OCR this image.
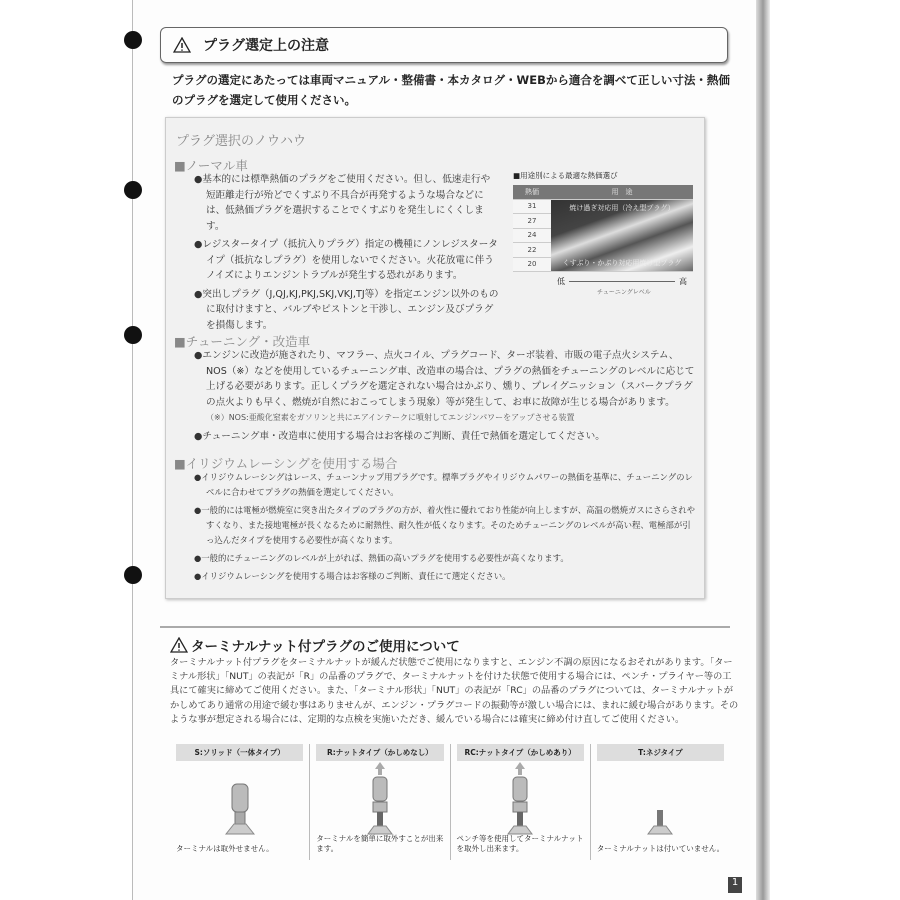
プラグ選定上の注意
プラグの選定にあたっては車両マニュアル・整備書・本カタログ・WEBから適合を調べて正しい寸法・熱価のプラグを選定して使用ください。
プラグ選択のノウハウ
■ノーマル車

●基本的には標準熱価のプラグをご使用ください。但し、低速走行や短距離走行が殆どでくすぶり不具合が再発するような場合などには、低熱価プラグを選択することでくすぶりを発生しにくくします。

●レジスタータイプ（抵抗入りプラグ）指定の機種にノンレジスタータイプ（抵抗なしプラグ）を使用しないでください。火花放電に伴うノイズによりエンジントラブルが発生する恐れがあります。

●突出しプラグ（J,QJ,KJ,PKJ,SKJ,VKJ,TJ等）を指定エンジン以外のものに取付けますと、バルブやピストンと干渉し、エンジン及びプラグを損傷します。

■用途別による最適な熱価選び
熱価	用　途
31	焼け過ぎ対応用（冷え型プラグ）
くすぶり・かぶり対応用焼け型プラグ
27
24
22
20
低	高
チューニングレベル
■チューニング・改造車

●エンジンに改造が施されたり、マフラー、点火コイル、プラグコード、ターボ装着、市販の電子点火システム、NOS（※）などを使用しているチューニング車、改造車の場合は、プラグの熱価をチューニングのレベルに応じて上げる必要があります。正しくプラグを選定されない場合はかぶり、燻り、プレイグニッション（スパークプラグの点火よりも早く、燃焼が自然におこってしまう現象）等が発生して、お車に故障が生じる場合があります。

（※）NOS:亜酸化窒素をガソリンと共にエアインテークに噴射してエンジンパワーをアップさせる装置

●チューニング車・改造車に使用する場合はお客様のご判断、責任で熱価を選定してください。

■イリジウムレーシングを使用する場合

●イリジウムレーシングはレース、チューンナップ用プラグです。標準プラグやイリジウムパワーの熱価を基準に、チューニングのレベルに合わせてプラグの熱価を選定してください。

●一般的には電極が燃焼室に突き出たタイプのプラグの方が、着火性に優れており性能が向上しますが、高温の燃焼ガスにさらされやすくなり、また接地電極が長くなるために耐熱性、耐久性が低くなります。そのためチューニングのレベルが高い程、電極部が引っ込んだタイプを使用する必要性が高くなります。

●一般的にチューニングのレベルが上がれば、熱価の高いプラグを使用する必要性が高くなります。

●イリジウムレーシングを使用する場合はお客様のご判断、責任にて選定ください。

ターミナルナット付プラグのご使用について
ターミナルナット付プラグをターミナルナットが緩んだ状態でご使用になりますと、エンジン不調の原因になるおそれがあります。「ターミナル形状」「NUT」の表記が「R」の品番のプラグで、ターミナルナットを付けた状態で使用する場合には、ペンチ・プライヤー等の工具にて確実に締めてご使用ください。また、「ターミナル形状」「NUT」の表記が「RC」の品番のプラグについては、ターミナルナットがかしめてあり通常の用途で緩む事はありませんが、エンジン・プラグコードの振動等が激しい場合には、まれに緩む場合があります。そのような事が想定される場合には、定期的な点検を実施いただき、緩んでいる場合には確実に締め付け直してご使用ください。
S:ソリッド（一体タイプ）
ターミナルは取外せません。
R:ナットタイプ（かしめなし）
ターミナルを簡単に取外すことが出来ます。
RC:ナットタイプ（かしめあり）
ペンチ等を使用してターミナルナットを取外し出来ます。
T:ネジタイプ
ターミナルナットは付いていません。
1
